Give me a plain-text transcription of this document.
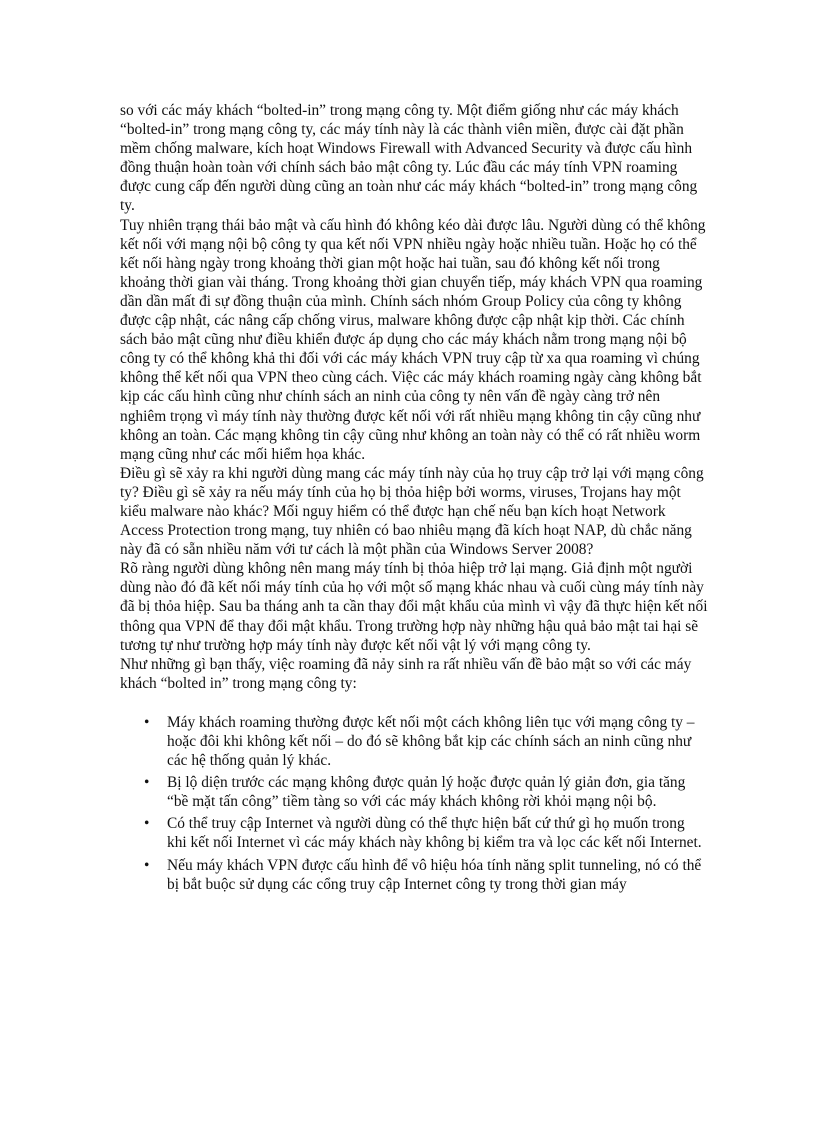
so với các máy khách “bolted-in” trong mạng công ty. Một điểm giống như các máy khách “bolted-in” trong mạng công ty, các máy tính này là các thành viên miền, được cài đặt phần mềm chống malware, kích hoạt Windows Firewall with Advanced Security và được cấu hình đồng thuận hoàn toàn với chính sách bảo mật công ty. Lúc đầu các máy tính VPN roaming được cung cấp đến người dùng cũng an toàn như các máy khách “bolted-in” trong mạng công ty.

Tuy nhiên trạng thái bảo mật và cấu hình đó không kéo dài được lâu. Người dùng có thể không kết nối với mạng nội bộ công ty qua kết nối VPN nhiều ngày hoặc nhiều tuần. Hoặc họ có thể kết nối hàng ngày trong khoảng thời gian một hoặc hai tuần, sau đó không kết nối trong khoảng thời gian vài tháng. Trong khoảng thời gian chuyển tiếp, máy khách VPN qua roaming dần dần mất đi sự đồng thuận của mình. Chính sách nhóm Group Policy của công ty không được cập nhật, các nâng cấp chống virus, malware không được cập nhật kịp thời. Các chính sách bảo mật cũng như điều khiển được áp dụng cho các máy khách nằm trong mạng nội bộ công ty có thể không khả thi đối với các máy khách VPN truy cập từ xa qua roaming vì chúng không thể kết nối qua VPN theo cùng cách. Việc các máy khách roaming ngày càng không bắt kịp các cấu hình cũng như chính sách an ninh của công ty nên vấn đề ngày càng trở nên nghiêm trọng vì máy tính này thường được kết nối với rất nhiều mạng không tin cậy cũng như không an toàn. Các mạng không tin cậy cũng như không an toàn này có thể có rất nhiều worm mạng cũng như các mối hiểm họa khác.

Điều gì sẽ xảy ra khi người dùng mang các máy tính này của họ truy cập trở lại với mạng công ty? Điều gì sẽ xảy ra nếu máy tính của họ bị thỏa hiệp bởi worms, viruses, Trojans hay một kiểu malware nào khác? Mối nguy hiểm có thể được hạn chế nếu bạn kích hoạt Network Access Protection trong mạng, tuy nhiên có bao nhiêu mạng đã kích hoạt NAP, dù chắc năng này đã có sẵn nhiều năm với tư cách là một phần của Windows Server 2008?

Rõ ràng người dùng không nên mang máy tính bị thỏa hiệp trở lại mạng. Giả định một người dùng nào đó đã kết nối máy tính của họ với một số mạng khác nhau và cuối cùng máy tính này đã bị thỏa hiệp. Sau ba tháng anh ta cần thay đổi mật khẩu của mình vì vậy đã thực hiện kết nối thông qua VPN để thay đổi mật khẩu. Trong trường hợp này những hậu quả bảo mật tai hại sẽ tương tự như trường hợp máy tính này được kết nối vật lý với mạng công ty.

Như những gì bạn thấy, việc roaming đã nảy sinh ra rất nhiều vấn đề bảo mật so với các máy khách “bolted in” trong mạng công ty:

• Máy khách roaming thường được kết nối một cách không liên tục với mạng công ty – hoặc đôi khi không kết nối – do đó sẽ không bắt kịp các chính sách an ninh cũng như các hệ thống quản lý khác.
• Bị lộ diện trước các mạng không được quản lý hoặc được quản lý giản đơn, gia tăng “bề mặt tấn công” tiềm tàng so với các máy khách không rời khỏi mạng nội bộ.
• Có thể truy cập Internet và người dùng có thể thực hiện bất cứ thứ gì họ muốn trong khi kết nối Internet vì các máy khách này không bị kiểm tra và lọc các kết nối Internet.
• Nếu máy khách VPN được cấu hình để vô hiệu hóa tính năng split tunneling, nó có thể bị bắt buộc sử dụng các cổng truy cập Internet công ty trong thời gian máy
